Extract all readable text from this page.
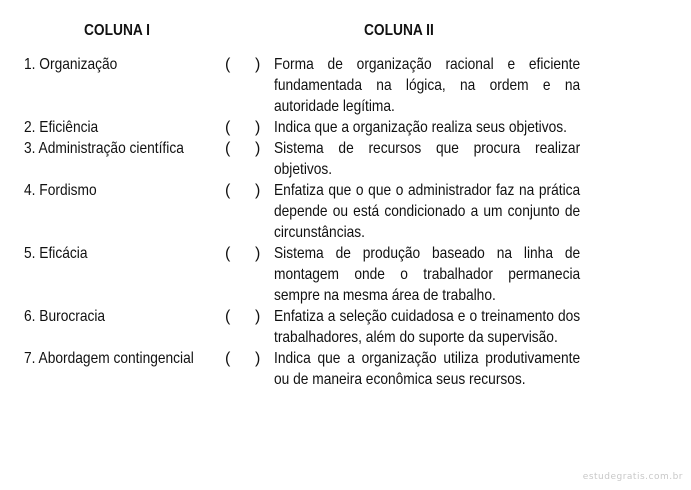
COLUNA I	COLUNA II
1. Organização	( ) Forma de organização racional e eficiente fundamentada na lógica, na ordem e na autoridade legítima.
2. Eficiência	( ) Indica que a organização realiza seus objetivos.
3. Administração científica	( ) Sistema de recursos que procura realizar objetivos.
4. Fordismo	( ) Enfatiza que o que o administrador faz na prática depende ou está condicionado a um conjunto de circunstâncias.
5. Eficácia	( ) Sistema de produção baseado na linha de montagem onde o trabalhador permanecia sempre na mesma área de trabalho.
6. Burocracia	( ) Enfatiza a seleção cuidadosa e o treinamento dos trabalhadores, além do suporte da supervisão.
7. Abordagem contingencial ( ) Indica que a organização utiliza produtivamente ou de maneira econômica seus recursos.
estudegratis.com.br
